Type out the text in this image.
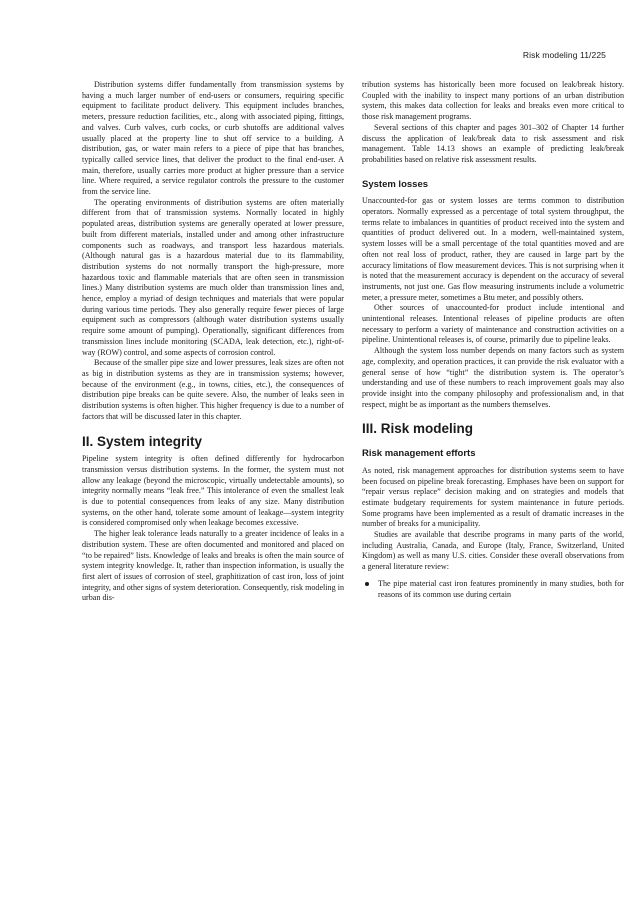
Risk modeling 11/225

Distribution systems differ fundamentally from transmission systems by having a much larger number of end-users or consumers, requiring specific equipment to facilitate product delivery. This equipment includes branches, meters, pressure reduction facilities, etc., along with associated piping, fittings, and valves. Curb valves, curb cocks, or curb shutoffs are additional valves usually placed at the property line to shut off service to a building. A distribution, gas, or water main refers to a piece of pipe that has branches, typically called service lines, that deliver the product to the final end-user. A main, therefore, usually carries more product at higher pressure than a service line. Where required, a service regulator controls the pressure to the customer from the service line.

The operating environments of distribution systems are often materially different from that of transmission systems. Normally located in highly populated areas, distribution systems are generally operated at lower pressure, built from different materials, installed under and among other infrastructure components such as roadways, and transport less hazardous materials. (Although natural gas is a hazardous material due to its flammability, distribution systems do not normally transport the high-pressure, more hazardous toxic and flammable materials that are often seen in transmission lines.) Many distribution systems are much older than transmission lines and, hence, employ a myriad of design techniques and materials that were popular during various time periods. They also generally require fewer pieces of large equipment such as compressors (although water distribution systems usually require some amount of pumping). Operationally, significant differences from transmission lines include monitoring (SCADA, leak detection, etc.), right-of-way (ROW) control, and some aspects of corrosion control.

Because of the smaller pipe size and lower pressures, leak sizes are often not as big in distribution systems as they are in transmission systems; however, because of the environment (e.g., in towns, cities, etc.), the consequences of distribution pipe breaks can be quite severe. Also, the number of leaks seen in distribution systems is often higher. This higher frequency is due to a number of factors that will be discussed later in this chapter.

II. System integrity

Pipeline system integrity is often defined differently for hydrocarbon transmission versus distribution systems. In the former, the system must not allow any leakage (beyond the microscopic, virtually undetectable amounts), so integrity normally means “leak free.” This intolerance of even the smallest leak is due to potential consequences from leaks of any size. Many distribution systems, on the other hand, tolerate some amount of leakage—system integrity is considered compromised only when leakage becomes excessive.

The higher leak tolerance leads naturally to a greater incidence of leaks in a distribution system. These are often documented and monitored and placed on “to be repaired” lists. Knowledge of leaks and breaks is often the main source of system integrity knowledge. It, rather than inspection information, is usually the first alert of issues of corrosion of steel, graphitization of cast iron, loss of joint integrity, and other signs of system deterioration. Consequently, risk modeling in urban dis-

tribution systems has historically been more focused on leak/break history. Coupled with the inability to inspect many portions of an urban distribution system, this makes data collection for leaks and breaks even more critical to those risk management programs.

Several sections of this chapter and pages 301–302 of Chapter 14 further discuss the application of leak/break data to risk assessment and risk management. Table 14.13 shows an example of predicting leak/break probabilities based on relative risk assessment results.

System losses

Unaccounted-for gas or system losses are terms common to distribution operators. Normally expressed as a percentage of total system throughput, the terms relate to imbalances in quantities of product received into the system and quantities of product delivered out. In a modern, well-maintained system, system losses will be a small percentage of the total quantities moved and are often not real loss of product, rather, they are caused in large part by the accuracy limitations of flow measurement devices. This is not surprising when it is noted that the measurement accuracy is dependent on the accuracy of several instruments, not just one. Gas flow measuring instruments include a volumetric meter, a pressure meter, sometimes a Btu meter, and possibly others.

Other sources of unaccounted-for product include intentional and unintentional releases. Intentional releases of pipeline products are often necessary to perform a variety of maintenance and construction activities on a pipeline. Unintentional releases is, of course, primarily due to pipeline leaks.

Although the system loss number depends on many factors such as system age, complexity, and operation practices, it can provide the risk evaluator with a general sense of how “tight” the distribution system is. The operator’s understanding and use of these numbers to reach improvement goals may also provide insight into the company philosophy and professionalism and, in that respect, might be as important as the numbers themselves.

III. Risk modeling
Risk management efforts

As noted, risk management approaches for distribution systems seem to have been focused on pipeline break forecasting. Emphases have been on support for “repair versus replace” decision making and on strategies and models that estimate budgetary requirements for system maintenance in future periods. Some programs have been implemented as a result of dramatic increases in the number of breaks for a municipality.

Studies are available that describe programs in many parts of the world, including Australia, Canada, and Europe (Italy, France, Switzerland, United Kingdom) as well as many U.S. cities. Consider these overall observations from a general literature review:

The pipe material cast iron features prominently in many studies, both for reasons of its common use during certain
